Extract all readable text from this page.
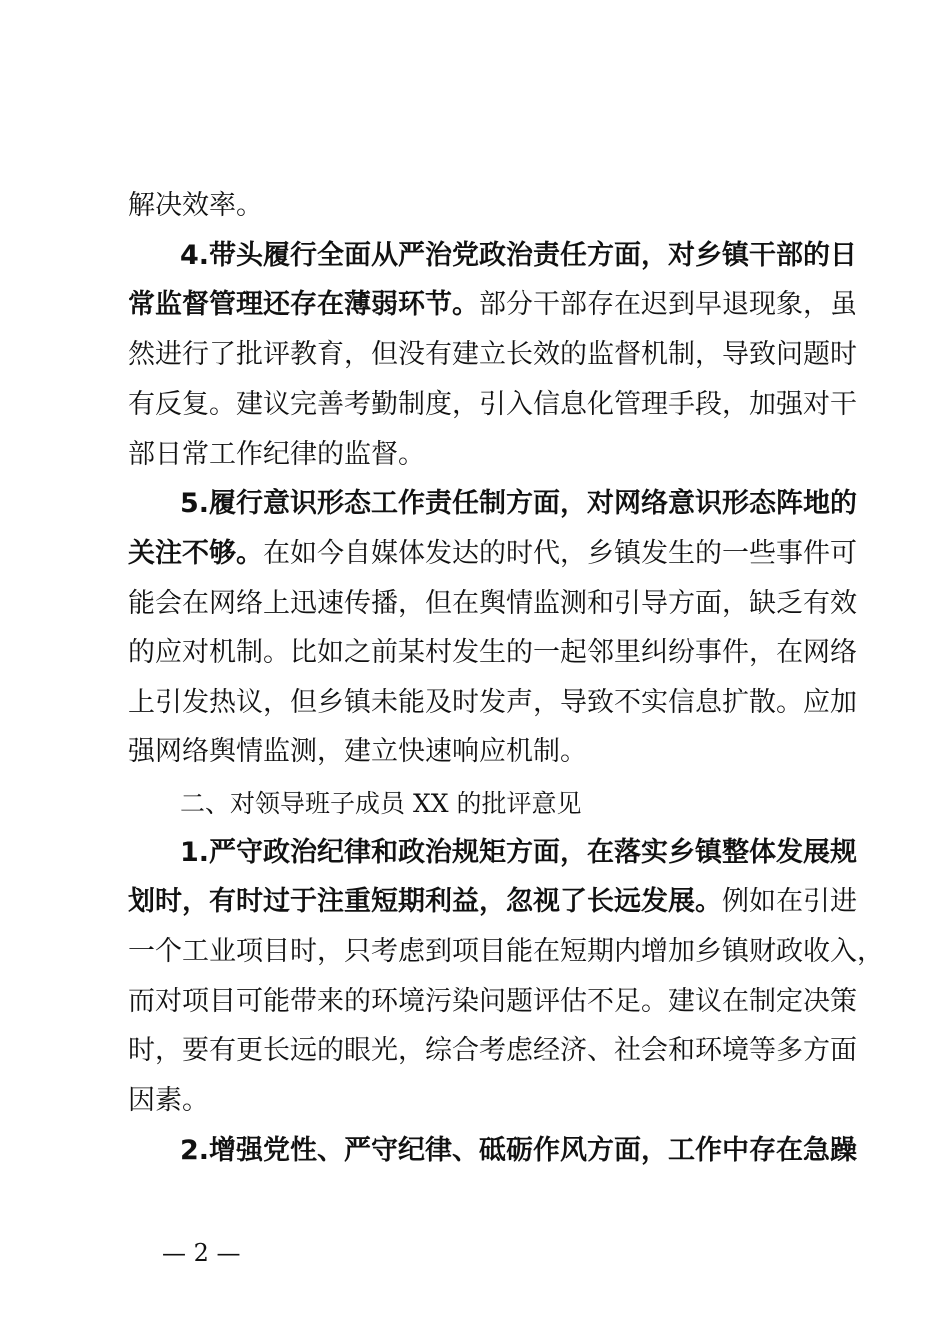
解决效率。
4.带头履行全面从严治党政治责任方面，对乡镇干部的日
常监督管理还存在薄弱环节。部分干部存在迟到早退现象，虽
然进行了批评教育，但没有建立长效的监督机制，导致问题时
有反复。建议完善考勤制度，引入信息化管理手段，加强对干
部日常工作纪律的监督。
5.履行意识形态工作责任制方面，对网络意识形态阵地的
关注不够。在如今自媒体发达的时代，乡镇发生的一些事件可
能会在网络上迅速传播，但在舆情监测和引导方面，缺乏有效
的应对机制。比如之前某村发生的一起邻里纠纷事件，在网络
上引发热议，但乡镇未能及时发声，导致不实信息扩散。应加
强网络舆情监测，建立快速响应机制。
二、对领导班子成员 XX 的批评意见
1.严守政治纪律和政治规矩方面，在落实乡镇整体发展规
划时，有时过于注重短期利益，忽视了长远发展。例如在引进
一个工业项目时，只考虑到项目能在短期内增加乡镇财政收入，
而对项目可能带来的环境污染问题评估不足。建议在制定决策
时，要有更长远的眼光，综合考虑经济、社会和环境等多方面
因素。
2.增强党性、严守纪律、砥砺作风方面，工作中存在急躁
— 2 —
